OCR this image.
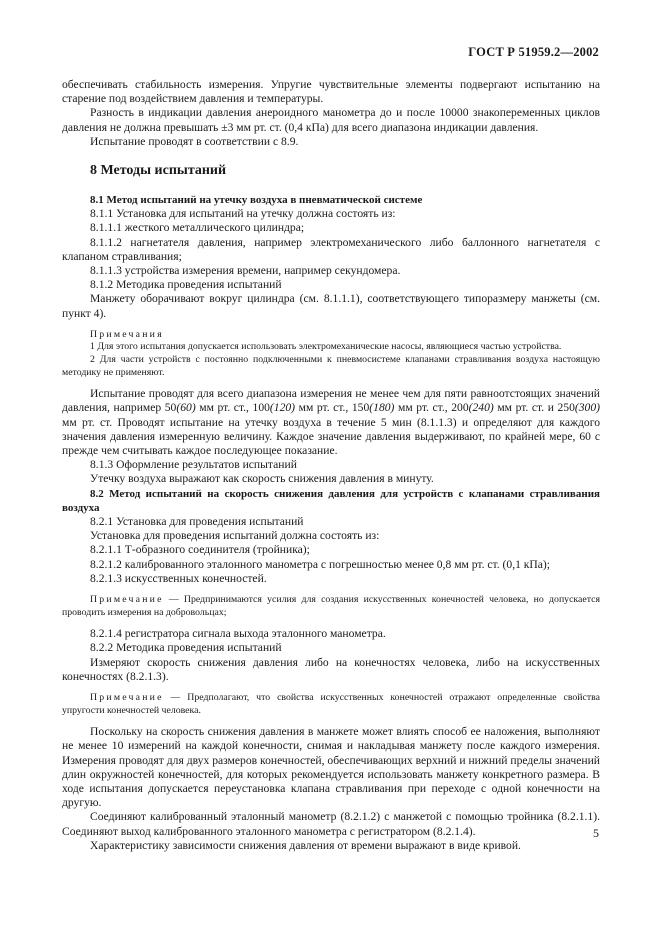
ГОСТ Р 51959.2—2002

обеспечивать стабильность измерения. Упругие чувствительные элементы подвергают испытанию на старение под воздействием давления и температуры.

Разность в индикации давления анероидного манометра до и после 10000 знакопеременных циклов давления не должна превышать ±3 мм рт. ст. (0,4 кПа) для всего диапазона индикации давления.

Испытание проводят в соответствии с 8.9.

8 Методы испытаний

8.1 Метод испытаний на утечку воздуха в пневматической системе

8.1.1 Установка для испытаний на утечку должна состоять из:

8.1.1.1 жесткого металлического цилиндра;

8.1.1.2 нагнетателя давления, например электромеханического либо баллонного нагнетателя с клапаном стравливания;

8.1.1.3 устройства измерения времени, например секундомера.

8.1.2 Методика проведения испытаний

Манжету оборачивают вокруг цилиндра (см. 8.1.1.1), соответствующего типоразмеру манжеты (см. пункт 4).

Примечания

1 Для этого испытания допускается использовать электромеханические насосы, являющиеся частью устройства.

2 Для части устройств с постоянно подключенными к пневмосистеме клапанами стравливания воздуха настоящую методику не применяют.

Испытание проводят для всего диапазона измерения не менее чем для пяти равноотстоящих значений давления, например 50(60) мм рт. ст., 100(120) мм рт. ст., 150(180) мм рт. ст., 200(240) мм рт. ст. и 250(300) мм рт. ст. Проводят испытание на утечку воздуха в течение 5 мин (8.1.1.3) и определяют для каждого значения давления измеренную величину. Каждое значение давления выдерживают, по крайней мере, 60 с прежде чем считывать каждое последующее показание.

8.1.3 Оформление результатов испытаний

Утечку воздуха выражают как скорость снижения давления в минуту.

8.2 Метод испытаний на скорость снижения давления для устройств с клапанами стравливания воздуха

8.2.1 Установка для проведения испытаний

Установка для проведения испытаний должна состоять из:

8.2.1.1 Т-образного соединителя (тройника);

8.2.1.2 калиброванного эталонного манометра с погрешностью менее 0,8 мм рт. ст. (0,1 кПа);

8.2.1.3 искусственных конечностей.

Примечание — Предпринимаются усилия для создания искусственных конечностей человека, но допускается проводить измерения на добровольцах;

8.2.1.4 регистратора сигнала выхода эталонного манометра.

8.2.2 Методика проведения испытаний

Измеряют скорость снижения давления либо на конечностях человека, либо на искусственных конечностях (8.2.1.3).

Примечание — Предполагают, что свойства искусственных конечностей отражают определенные свойства упругости конечностей человека.

Поскольку на скорость снижения давления в манжете может влиять способ ее наложения, выполняют не менее 10 измерений на каждой конечности, снимая и накладывая манжету после каждого измерения. Измерения проводят для двух размеров конечностей, обеспечивающих верхний и нижний пределы значений длин окружностей конечностей, для которых рекомендуется использовать манжету конкретного размера. В ходе испытания допускается переустановка клапана стравливания при переходе с одной конечности на другую.

Соединяют калиброванный эталонный манометр (8.2.1.2) с манжетой с помощью тройника (8.2.1.1). Соединяют выход калиброванного эталонного манометра с регистратором (8.2.1.4).

Характеристику зависимости снижения давления от времени выражают в виде кривой.

5
